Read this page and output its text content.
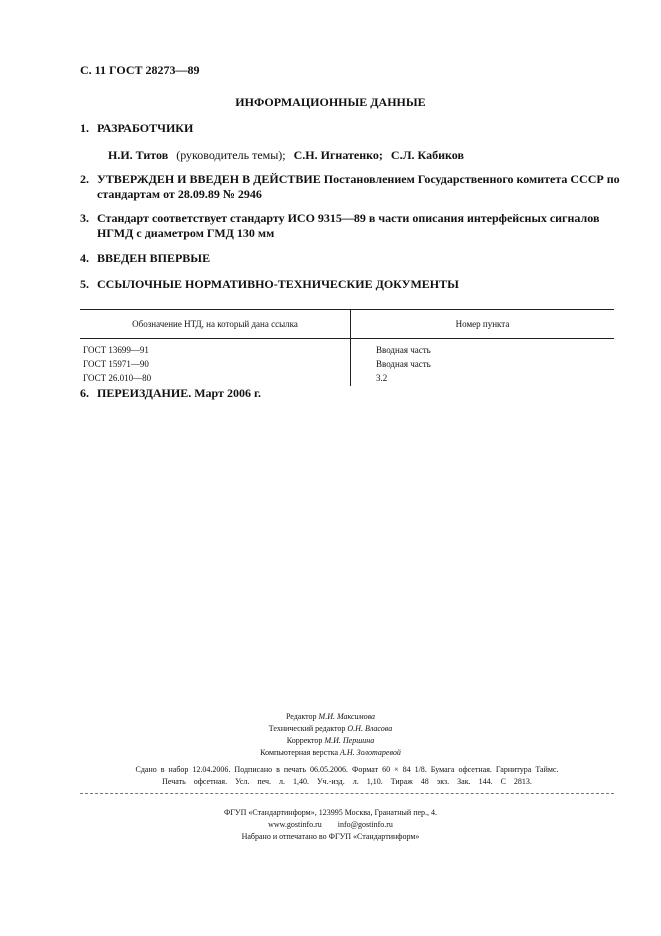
С. 11 ГОСТ 28273—89
ИНФОРМАЦИОННЫЕ ДАННЫЕ
1. РАЗРАБОТЧИКИ
Н.И. Титов (руководитель темы); С.Н. Игнатенко; С.Л. Кабиков
2. УТВЕРЖДЕН И ВВЕДЕН В ДЕЙСТВИЕ Постановлением Государственного комитета СССР по стандартам от 28.09.89 № 2946
3. Стандарт соответствует стандарту ИСО 9315—89 в части описания интерфейсных сигналов НГМД с диаметром ГМД 130 мм
4. ВВЕДЕН ВПЕРВЫЕ
5. ССЫЛОЧНЫЕ НОРМАТИВНО-ТЕХНИЧЕСКИЕ ДОКУМЕНТЫ
Обозначение НТД, на который дана ссылка	Номер пункта
ГОСТ 13699—91	Вводная часть
ГОСТ 15971—90	Вводная часть
ГОСТ 26.010—80	3.2
6. ПЕРЕИЗДАНИЕ. Март 2006 г.
Редактор М.И. Максимова
Технический редактор О.Н. Власова
Корректор М.И. Першина
Компьютерная верстка А.Н. Золотаревой
Сдано в набор 12.04.2006. Подписано в печать 06.05.2006. Формат 60 × 84 1/8. Бумага офсетная. Гарнитура Таймс.
Печать офсетная. Усл. печ. л. 1,40. Уч.-изд. л. 1,10. Тираж 48 экз. Зак. 144. С 2813.
ФГУП «Стандартинформ», 123995 Москва, Гранатный пер., 4.
www.gostinfo.ru info@gostinfo.ru
Набрано и отпечатано во ФГУП «Стандартинформ»
